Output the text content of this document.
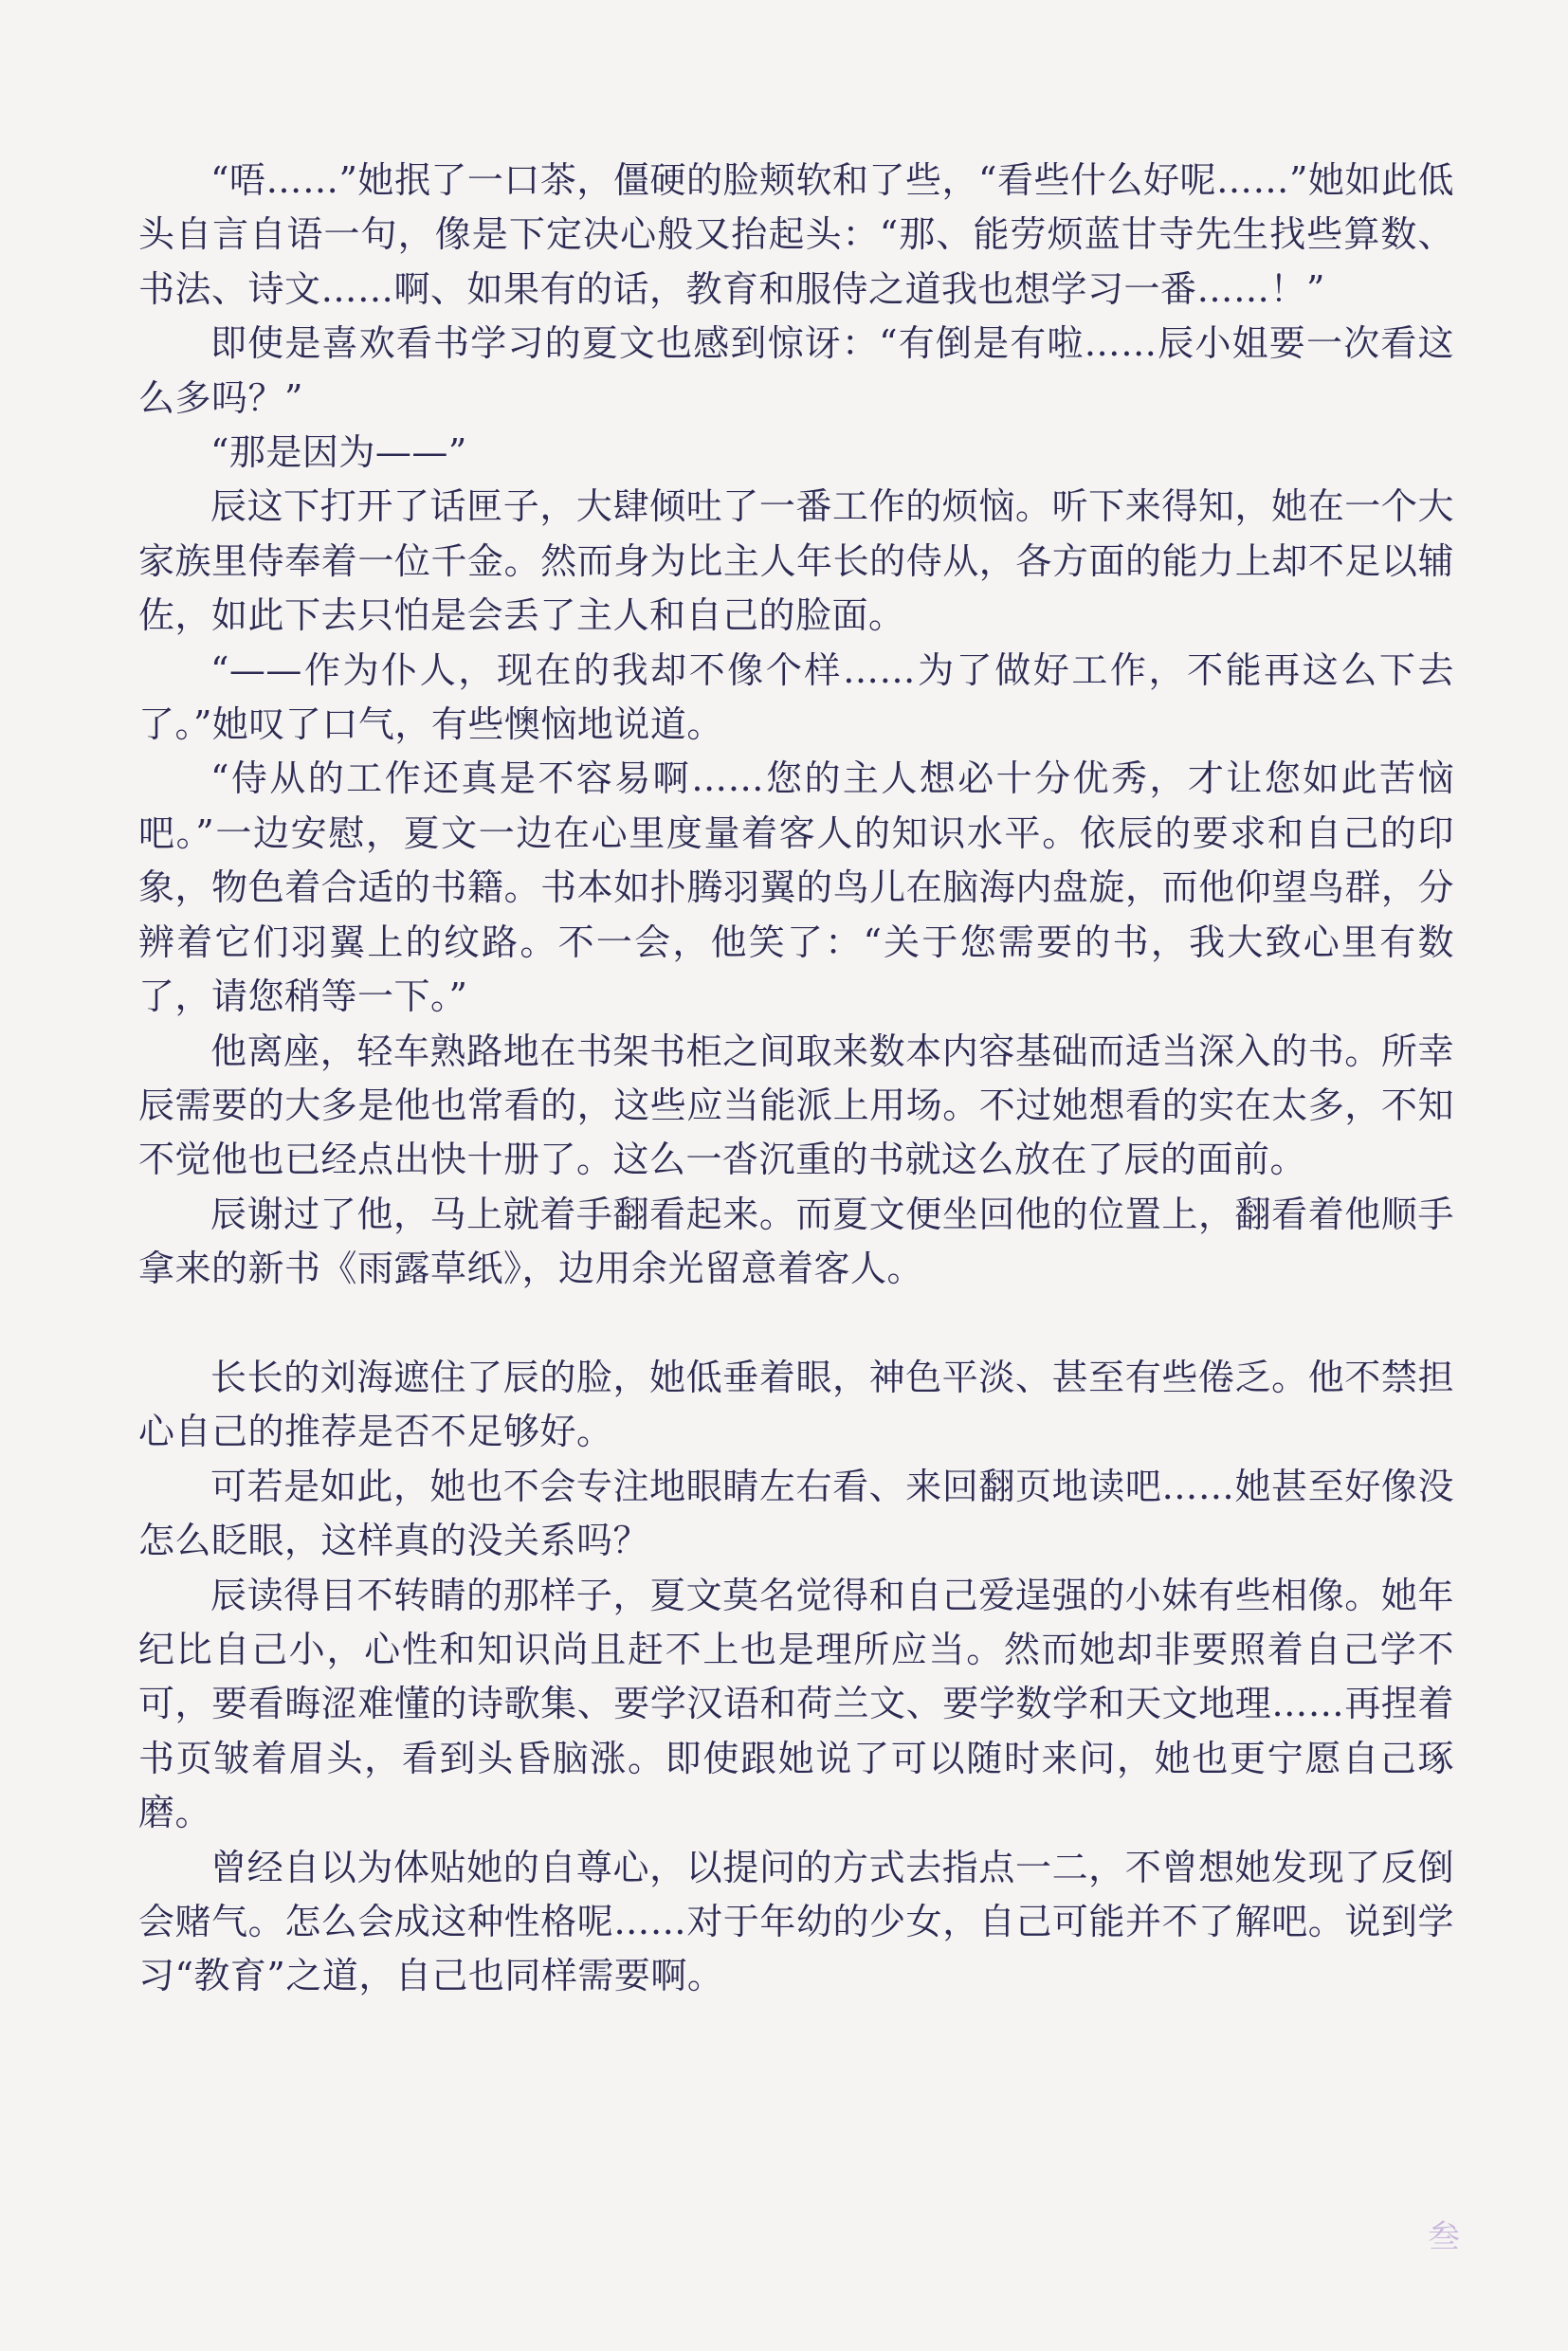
“唔……”她抿了一口茶，僵硬的脸颊软和了些，“看些什么好呢……”她如此低头自言自语一句，像是下定决心般又抬起头：“那、能劳烦蓝甘寺先生找些算数、书法、诗文……啊、如果有的话，教育和服侍之道我也想学习一番……！”

即使是喜欢看书学习的夏文也感到惊讶：“有倒是有啦……辰小姐要一次看这么多吗？”

“那是因为——”

辰这下打开了话匣子，大肆倾吐了一番工作的烦恼。听下来得知，她在一个大家族里侍奉着一位千金。然而身为比主人年长的侍从，各方面的能力上却不足以辅佐，如此下去只怕是会丢了主人和自己的脸面。

“——作为仆人，现在的我却不像个样……为了做好工作，不能再这么下去了。”她叹了口气，有些懊恼地说道。

“侍从的工作还真是不容易啊……您的主人想必十分优秀，才让您如此苦恼吧。”一边安慰，夏文一边在心里度量着客人的知识水平。依辰的要求和自己的印象，物色着合适的书籍。书本如扑腾羽翼的鸟儿在脑海内盘旋，而他仰望鸟群，分辨着它们羽翼上的纹路。不一会，他笑了：“关于您需要的书，我大致心里有数了，请您稍等一下。”

他离座，轻车熟路地在书架书柜之间取来数本内容基础而适当深入的书。所幸辰需要的大多是他也常看的，这些应当能派上用场。不过她想看的实在太多，不知不觉他也已经点出快十册了。这么一沓沉重的书就这么放在了辰的面前。

辰谢过了他，马上就着手翻看起来。而夏文便坐回他的位置上，翻看着他顺手拿来的新书《雨露草纸》，边用余光留意着客人。

长长的刘海遮住了辰的脸，她低垂着眼，神色平淡、甚至有些倦乏。他不禁担心自己的推荐是否不足够好。

可若是如此，她也不会专注地眼睛左右看、来回翻页地读吧……她甚至好像没怎么眨眼，这样真的没关系吗？

辰读得目不转睛的那样子，夏文莫名觉得和自己爱逞强的小妹有些相像。她年纪比自己小，心性和知识尚且赶不上也是理所应当。然而她却非要照着自己学不可，要看晦涩难懂的诗歌集、要学汉语和荷兰文、要学数学和天文地理……再捏着书页皱着眉头，看到头昏脑涨。即使跟她说了可以随时来问，她也更宁愿自己琢磨。

曾经自以为体贴她的自尊心，以提问的方式去指点一二，不曾想她发现了反倒会赌气。怎么会成这种性格呢……对于年幼的少女，自己可能并不了解吧。说到学习“教育”之道，自己也同样需要啊。

叁
